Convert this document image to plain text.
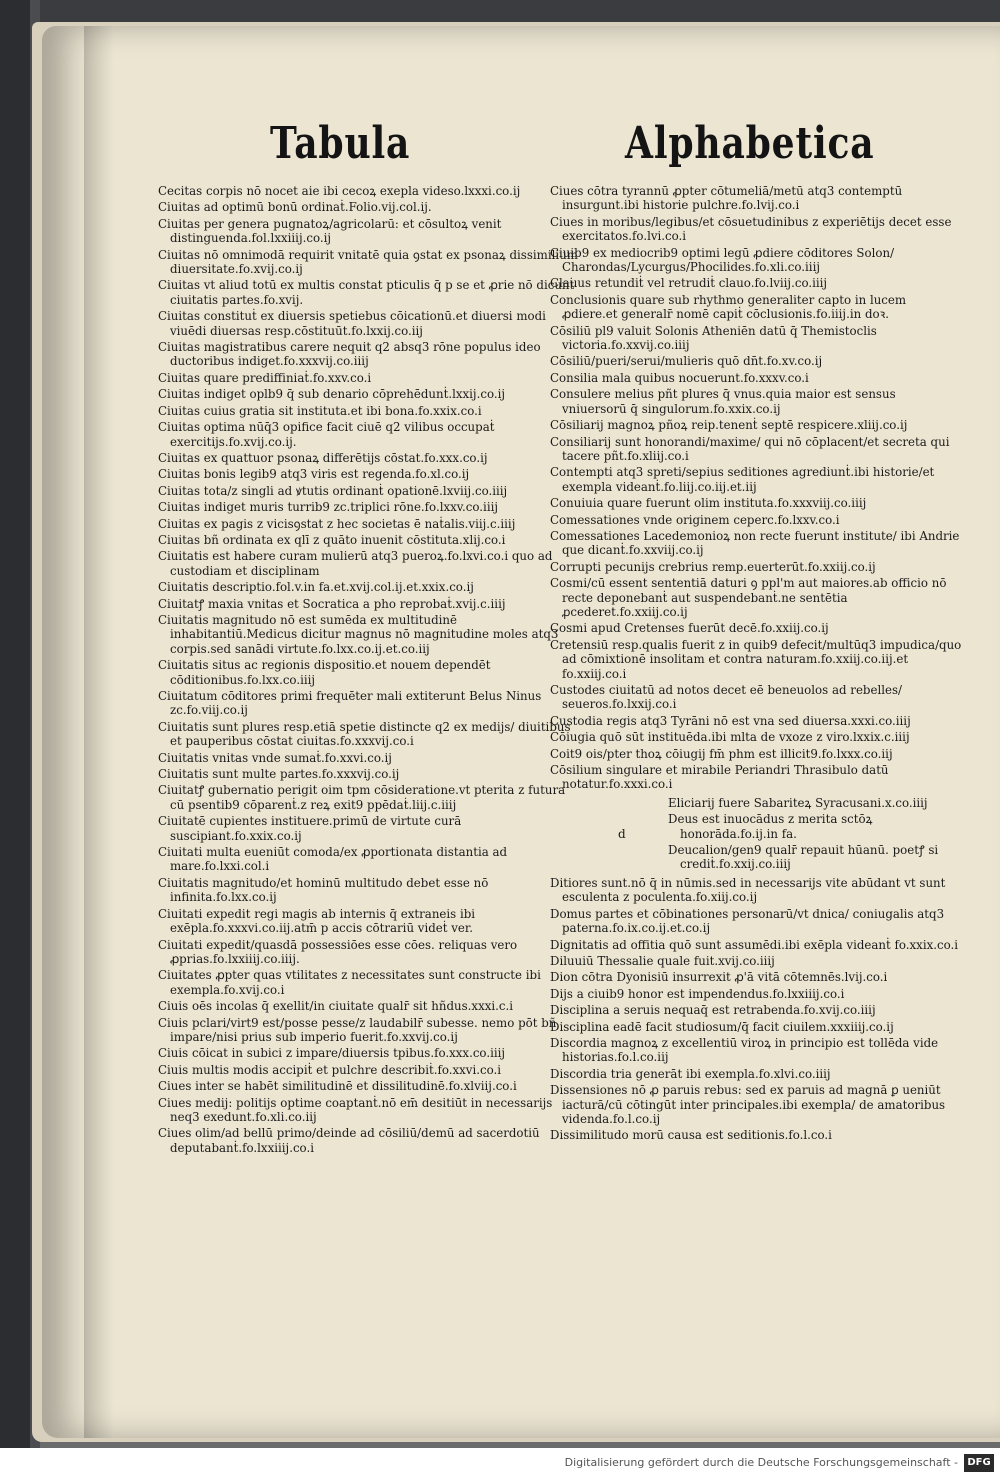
Tabula	Alphabetica
Cecitas corpis nō nocet aie ibi cecoꝝ exepla videso.lxxxi.co.ij
Ciuitas ad optimū bonū ordinaṫ.Folio.vij.col.ij.
Ciuitas per genera pugnatoꝝ/agricolarū: et cōsultoꝝ venit distinguenda.fol.lxxiiij.co.ij
Ciuitas nō omnimodā requirit vnitatē quia ꝯstat ex psonaꝝ dissimilium diuersitate.fo.xvij.co.ij
Ciuitas vt aliud totū ex multis constat pticulis q̄ p se et ꝓrie nō dicunṫ ciuitatis partes.fo.xvij.
Ciuitas constituṫ ex diuersis spetiebus cōicationū.et diuersi modi viuēdi diuersas resp.cōstituūt.fo.lxxij.co.iij
Ciuitas magistratibus carere nequit q2 absq3 rōne populus ideo ductoribus indiget.fo.xxxvij.co.iiij
Ciuitas quare prediffiniaṫ.fo.xxv.co.i
Ciuitas indiget oplb9 q̄ sub denario cōprehēdunṫ.lxxij.co.ij
Ciuitas cuius gratia sit instituta.et ibi bona.fo.xxix.co.i
Ciuitas optima nūq̄3 opifice facit ciuē q2 vilibus occupaṫ exercitijs.fo.xvij.co.ij.
Ciuitas ex quattuor psonaꝝ differētijs cōstat.fo.xxx.co.ij
Ciuitas bonis legib9 atq3 viris est regenda.fo.xl.co.ij
Ciuitas tota/z singli ad ꝟtutis ordinanṫ opationē.lxviij.co.iiij
Ciuitas indiget muris turrib9 zc.triplici rōne.fo.lxxv.co.iiij
Ciuitas ex pagis z vicisꝯstat z hec societas ē naṫalis.viij.c.iiij
Ciuitas bñ ordinata ex qlī z quāto inuenit cōstituta.xlij.co.i
Ciuitatis est habere curam mulierū atq3 pueroꝝ.fo.lxvi.co.i quo ad custodiam et disciplinam
Ciuitatis descriptio.fol.v.in fa.et.xvij.col.ij.et.xxix.co.ij
Ciuitatꝭ maxia vnitas et Socratica a pho reprobaṫ.xvij.c.iiij
Ciuitatis magnitudo nō est sumēda ex multitudinē inhabitantiū.Medicus dicitur magnus nō magnitudine moles atq3 corpis.sed sanādi virtute.fo.lxx.co.ij.et.co.iij
Ciuitatis situs ac regionis dispositio.et nouem dependēt cōditionibus.fo.lxx.co.iiij
Ciuitatum cōditores primi frequēter mali extiterunt Belus Ninus zc.fo.viij.co.ij
Ciuitatis sunt plures resp.etiā spetie distincte q2 ex medijs/ diuitibus et pauperibus cōstat ciuitas.fo.xxxvij.co.i
Ciuitatis vnitas vnde sumaṫ.fo.xxvi.co.ij
Ciuitatis sunt multe partes.fo.xxxvij.co.ij
Ciuitatꝭ gubernatio perigit oim tpm cōsideratione.vt pterita z futura cū psentib9 cōparenṫ.z reꝝ exit9 ppēdaṫ.liij.c.iiij
Ciuitatē cupientes instituere.primū de virtute curā suscipiant.fo.xxix.co.ij
Ciuitati multa eueniūt comoda/ex ꝓportionata distantia ad mare.fo.lxxi.col.i
Ciuitatis magnitudo/et hominū multitudo debet esse nō infinita.fo.lxx.co.ij
Ciuitati expedit regi magis ab internis q̄ extraneis ibi exēpla.fo.xxxvi.co.iij.atm̄ p accis cōtrariū videṫ ver.
Ciuitati expedit/quasdā possessiōes esse cōes. reliquas vero ꝓprias.fo.lxxiiij.co.iiij.
Ciuitates ꝓpter quas vtilitates z necessitates sunt constructe ibi exempla.fo.xvij.co.i
Ciuis oēs incolas q̄ exellit/in ciuitate qualr̄ sit hñdus.xxxi.c.i
Ciuis pclari/virt9 est/posse pesse/z laudabilr̄ subesse. nemo pōt bñ impare/nisi prius sub imperio fuerit.fo.xxvij.co.ij
Ciuis cōicat in subici z impare/diuersis tpibus.fo.xxx.co.iiij
Ciuis multis modis accipiṫ et pulchre describiṫ.fo.xxvi.co.i
Ciues inter se habēt similitudinē et dissilitudinē.fo.xlviij.co.i
Ciues medij: politijs optime coaptanṫ.nō em̄ desitiūt in necessarijs neq3 exedunt.fo.xli.co.iij
Ciues olim/ad bellū primo/deinde ad cōsiliū/demū ad sacerdotiū deputabanṫ.fo.lxxiiij.co.i
Ciues cōtra tyrannū ꝓpter cōtumeliā/metū atq3 contemptū insurgunt.ibi historie pulchre.fo.lvij.co.i
Ciues in moribus/legibus/et cōsuetudinibus z experiētijs decet esse exercitatos.fo.lvi.co.i
Ciuib9 ex mediocrib9 optimi legū ꝓdiere cōditores Solon/ Charondas/Lycurgus/Phocilides.fo.xli.co.iiij
Clauus retundiṫ vel retrudiṫ clauo.fo.lviij.co.iiij
Conclusionis quare sub rhythmo generaliter capto in lucem ꝓdiere.et generalr̄ nomē capiṫ cōclusionis.fo.iiij.in doꝛ.
Cōsiliū pl9 valuit Solonis Atheniēn datū q̄ Themistoclis victoria.fo.xxvij.co.iiij
Cōsiliū/pueri/serui/mulieris quō dn̄t.fo.xv.co.ij
Consilia mala quibus nocuerunt.fo.xxxv.co.i
Consulere melius pñt plures q̄ vnus.quia maior est sensus vniuersorū q̄ singulorum.fo.xxix.co.ij
Cōsiliarij magnoꝝ pñoꝝ reip.tenenṫ septē respicere.xliij.co.ij
Consiliarij sunt honorandi/maxime/ qui nō cōplacent/et secreta qui tacere pñt.fo.xliij.co.i
Contempti atq3 spreti/sepius seditiones agrediunṫ.ibi historie/et exempla videanṫ.fo.liij.co.iij.et.iij
Conuiuia quare fuerunt olim instituta.fo.xxxviij.co.iiij
Comessationes vnde originem ceperc.fo.lxxv.co.i
Comessationes Lacedemonioꝝ non recte fuerunt institute/ ibi Andrie que dicanṫ.fo.xxviij.co.ij
Corrupti pecunijs crebrius remp.euerterūt.fo.xxiij.co.ij
Cosmi/cū essent sententiā daturi ꝯ ppl'm aut maiores.ab officio nō recte deponebanṫ aut suspendebanṫ.ne sentētia ꝓcederet.fo.xxiij.co.ij
Cosmi apud Cretenses fuerūt decē.fo.xxiij.co.ij
Cretensiū resp.qualis fuerit z in quib9 defecit/multūq3 impudica/quo ad cōmixtionē insolitam et contra naturam.fo.xxiij.co.iij.et fo.xxiij.co.i
Custodes ciuitatū ad notos decet eē beneuolos ad rebelles/ seueros.fo.lxxij.co.i
Custodia regis atq3 Tyrāni nō est vna sed diuersa.xxxi.co.iiij
Cōiugia quō sūt instituēda.ibi mlta de vxoze z viro.lxxix.c.iiij
Coit9 ois/pter thoꝝ cōiugij fm̄ phm est illicit9.fo.lxxx.co.iij
Cōsilium singulare et mirabile Periandri Thrasibulo datū notatur.fo.xxxi.co.i
d
Eliciarij fuere Sabariteꝝ Syracusani.x.co.iiij
Deus est inuocādus z merita sctōꝝ honorāda.fo.ij.in fa.
Deucalion/gen9 qualr̄ repauit hūanū. poetꝭ si crediṫ.fo.xxij.co.iiij
Ditiores sunt.nō q̄ in nūmis.sed in necessarijs vite abūdant vt sunt esculenta z poculenta.fo.xiij.co.ij
Domus partes et cōbinationes personarū/vt dnica/ coniugalis atq3 paterna.fo.ix.co.ij.et.co.ij
Dignitatis ad offitia quō sunt assumēdi.ibi exēpla videanṫ fo.xxix.co.i
Diluuiū Thessalie quale fuit.xvij.co.iiij
Dion cōtra Dyonisiū insurrexit ꝓ'ā vitā cōtemnēs.lvij.co.i
Dijs a ciuib9 honor est impendendus.fo.lxxiiij.co.i
Disciplina a seruis nequaq̄ est retrabenda.fo.xvij.co.iiij
Disciplina eadē facit studiosum/q̄ facit ciuilem.xxxiiij.co.ij
Discordia magnoꝝ z excellentiū viroꝝ in principio est tollēda vide historias.fo.l.co.iij
Discordia tria generāt ibi exempla.fo.xlvi.co.iiij
Dissensiones nō ꝓ paruis rebus: sed ex paruis ad magnā ꝑ ueniūt iacturā/cū cōtingūt inter principales.ibi exempla/ de amatoribus videnda.fo.l.co.ij
Dissimilitudo morū causa est seditionis.fo.l.co.i
Digitalisierung gefördert durch die Deutsche Forschungsgemeinschaft - DFG
